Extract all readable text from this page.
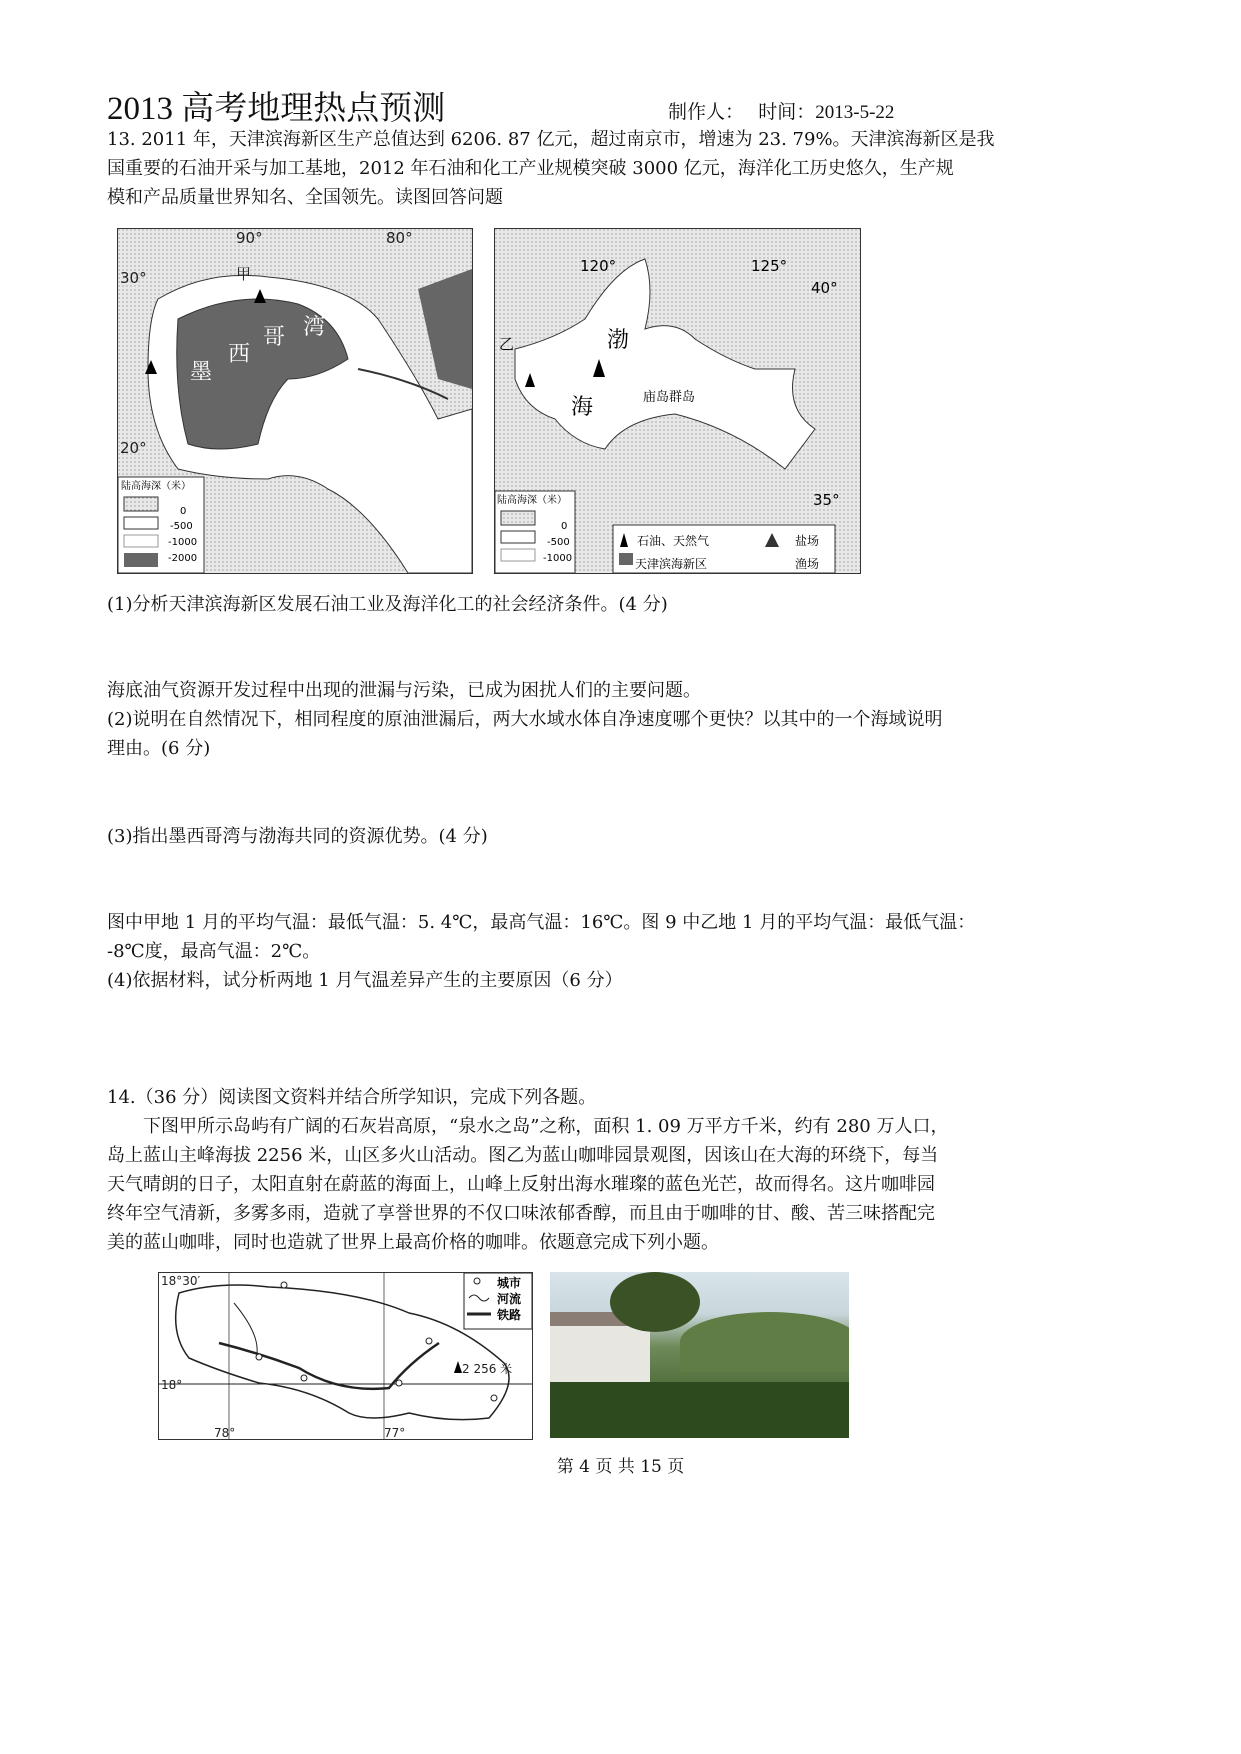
2013 高考地理热点预测	制作人： 时间：2013-5-22
13. 2011 年，天津滨海新区生产总值达到 6206. 87 亿元，超过南京市，增速为 23. 79%。天津滨海新区是我
国重要的石油开采与加工基地，2012 年石油和化工产业规模突破 3000 亿元，海洋化工历史悠久，生产规
模和产品质量世界知名、全国领先。读图回答问题
90°	80°
30°
20°
甲
墨
西
哥 湾
陆高海深（米）
0
-500
-1000
-2000
120°	125°
40°
35°
乙	渤
海	庙岛群岛
陆高海深（米）
0
-500
-1000
石油、天然气	盐场
天津滨海新区	渔场
(1)分析天津滨海新区发展石油工业及海洋化工的社会经济条件。(4 分)
海底油气资源开发过程中出现的泄漏与污染，已成为困扰人们的主要问题。
(2)说明在自然情况下，相同程度的原油泄漏后，两大水域水体自净速度哪个更快？以其中的一个海域说明
理由。(6 分)
(3)指出墨西哥湾与渤海共同的资源优势。(4 分)
图中甲地 1 月的平均气温：最低气温：5. 4℃，最高气温：16℃。图 9 中乙地 1 月的平均气温：最低气温：
-8℃度，最高气温：2℃。
(4)依据材料，试分析两地 1 月气温差异产生的主要原因（6 分）
14.（36 分）阅读图文资料并结合所学知识，完成下列各题。
　　下图甲所示岛屿有广阔的石灰岩高原，“泉水之岛”之称，面积 1. 09 万平方千米，约有 280 万人口，
岛上蓝山主峰海拔 2256 米，山区多火山活动。图乙为蓝山咖啡园景观图，因该山在大海的环绕下，每当
天气晴朗的日子，太阳直射在蔚蓝的海面上，山峰上反射出海水璀璨的蓝色光芒，故而得名。这片咖啡园
终年空气清新，多雾多雨，造就了享誉世界的不仅口味浓郁香醇，而且由于咖啡的甘、酸、苦三味搭配完
美的蓝山咖啡，同时也造就了世界上最高价格的咖啡。依题意完成下列小题。
18°30′
18°
78°	77°
2 256 米
城市
河流
铁路
第 4 页 共 15 页
